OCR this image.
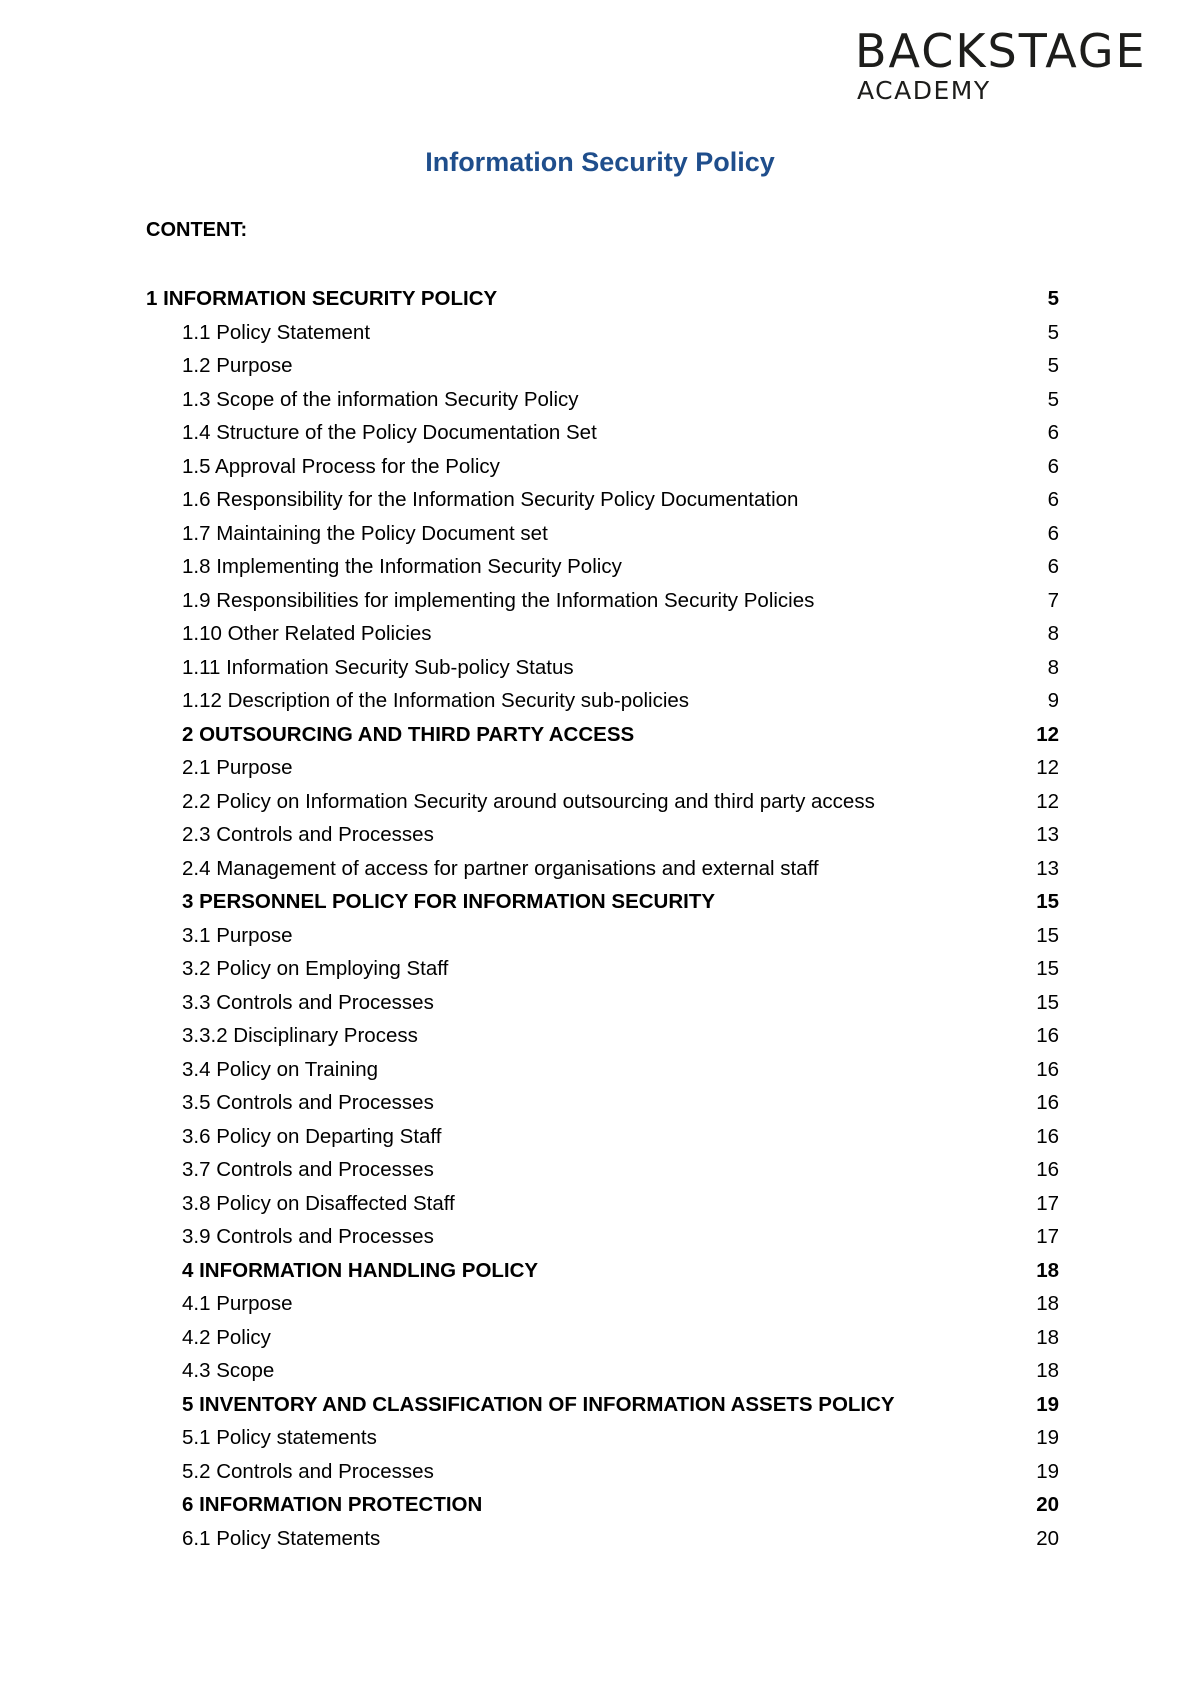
BACKSTAGE
ACADEMY
Information Security Policy
CONTENT:
1 INFORMATION SECURITY POLICY	5
1.1 Policy Statement	5
1.2 Purpose	5
1.3 Scope of the information Security Policy	5
1.4 Structure of the Policy Documentation Set	6
1.5 Approval Process for the Policy	6
1.6 Responsibility for the Information Security Policy Documentation	6
1.7 Maintaining the Policy Document set	6
1.8 Implementing the Information Security Policy	6
1.9 Responsibilities for implementing the Information Security Policies	7
1.10 Other Related Policies	8
1.11 Information Security Sub-policy Status	8
1.12 Description of the Information Security sub-policies	9
2 OUTSOURCING AND THIRD PARTY ACCESS	12
2.1 Purpose	12
2.2 Policy on Information Security around outsourcing and third party access	12
2.3 Controls and Processes	13
2.4 Management of access for partner organisations and external staff	13
3 PERSONNEL POLICY FOR INFORMATION SECURITY	15
3.1 Purpose	15
3.2 Policy on Employing Staff	15
3.3 Controls and Processes	15
3.3.2 Disciplinary Process	16
3.4 Policy on Training	16
3.5 Controls and Processes	16
3.6 Policy on Departing Staff	16
3.7 Controls and Processes	16
3.8 Policy on Disaffected Staff	17
3.9 Controls and Processes	17
4 INFORMATION HANDLING POLICY	18
4.1 Purpose	18
4.2 Policy	18
4.3 Scope	18
5 INVENTORY AND CLASSIFICATION OF INFORMATION ASSETS POLICY	19
5.1 Policy statements	19
5.2 Controls and Processes	19
6 INFORMATION PROTECTION	20
6.1 Policy Statements	20
